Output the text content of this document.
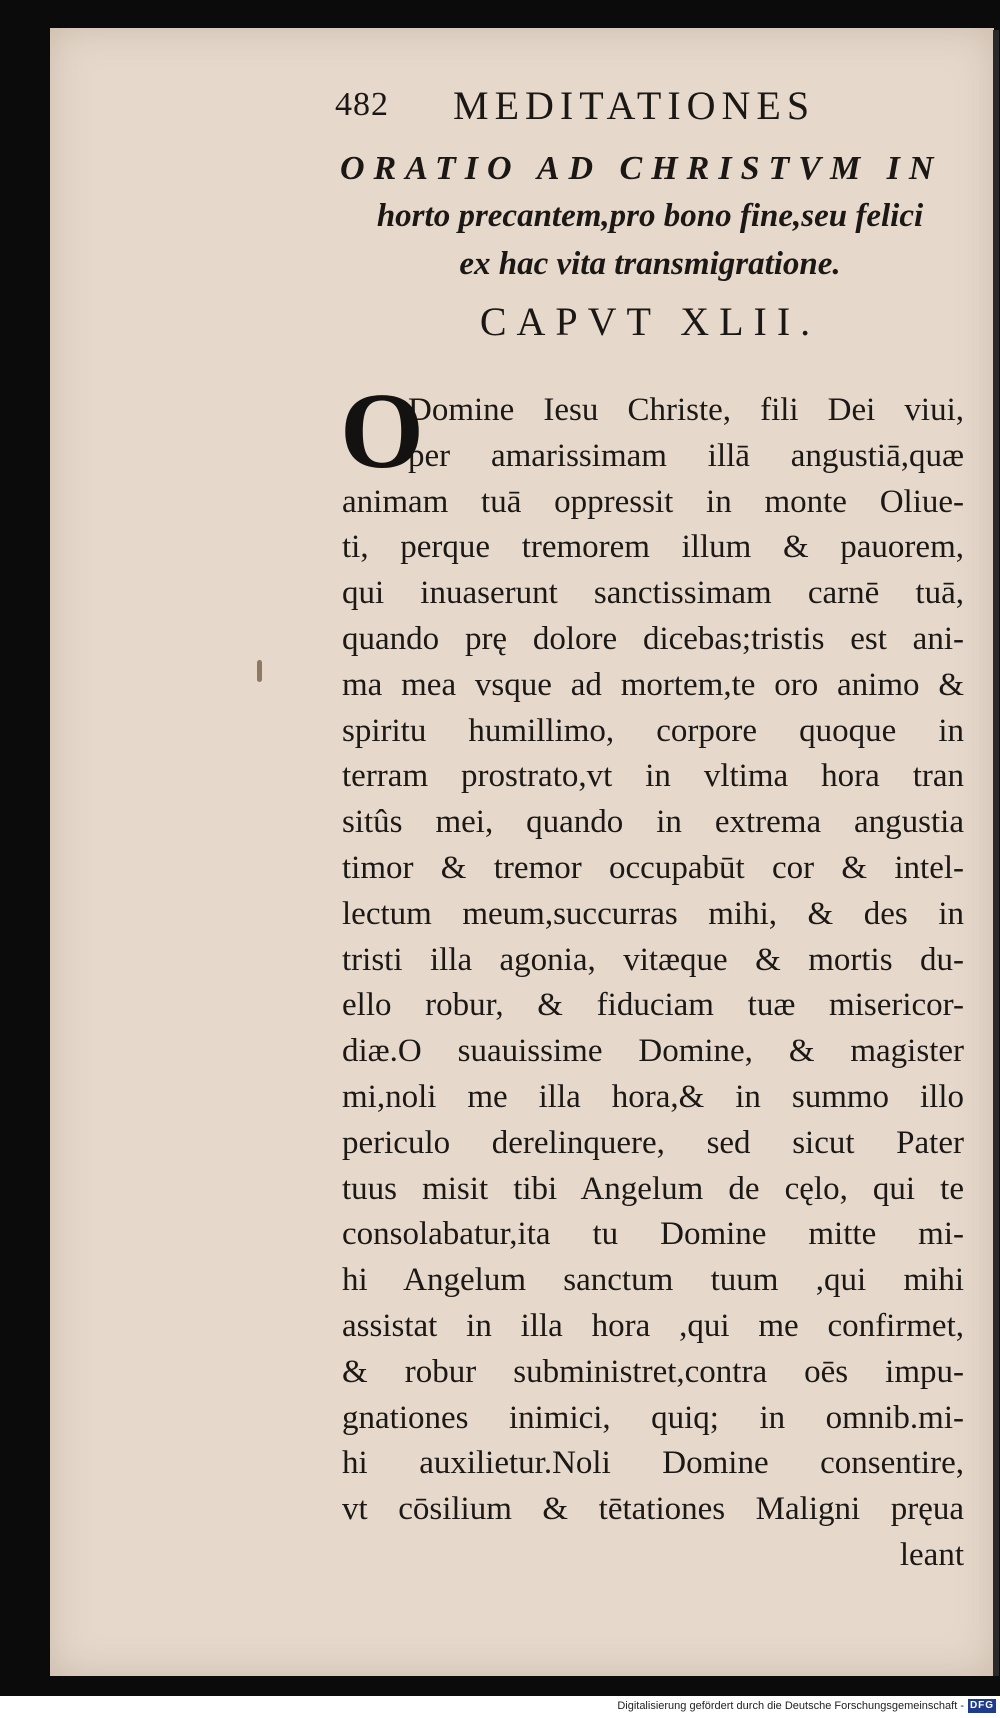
482 MEDITATIONES
ORATIO AD CHRISTVM IN
horto precantem,pro bono fine,seu felici
ex hac vita transmigratione.
CAPVT XLII.
O
Domine Iesu Christe, fili Dei viui,
per amarissimam illā angustiā,quæ
animam tuā oppressit in monte Oliue-
ti, perque tremorem illum & pauorem,
qui inuaserunt sanctissimam carnē tuā,
quando prę dolore dicebas;tristis est ani-
ma mea vsque ad mortem,te oro animo &
spiritu humillimo, corpore quoque in
terram prostrato,vt in vltima hora tran
sitûs mei, quando in extrema angustia
timor & tremor occupabūt cor & intel-
lectum meum,succurras mihi, & des in
tristi illa agonia, vitæque & mortis du-
ello robur, & fiduciam tuæ misericor-
diæ.O suauissime Domine, & magister
mi,noli me illa hora,& in summo illo
periculo derelinquere, sed sicut Pater
tuus misit tibi Angelum de cęlo, qui te
consolabatur,ita tu Domine mitte mi-
hi Angelum sanctum tuum ,qui mihi
assistat in illa hora ,qui me confirmet,
& robur subministret,contra oēs impu-
gnationes inimici, quiq; in omnib.mi-
hi auxilietur.Noli Domine consentire,
vt cōsilium & tētationes Maligni pręua
leant
Digitalisierung gefördert durch die Deutsche Forschungsgemeinschaft - DFG
